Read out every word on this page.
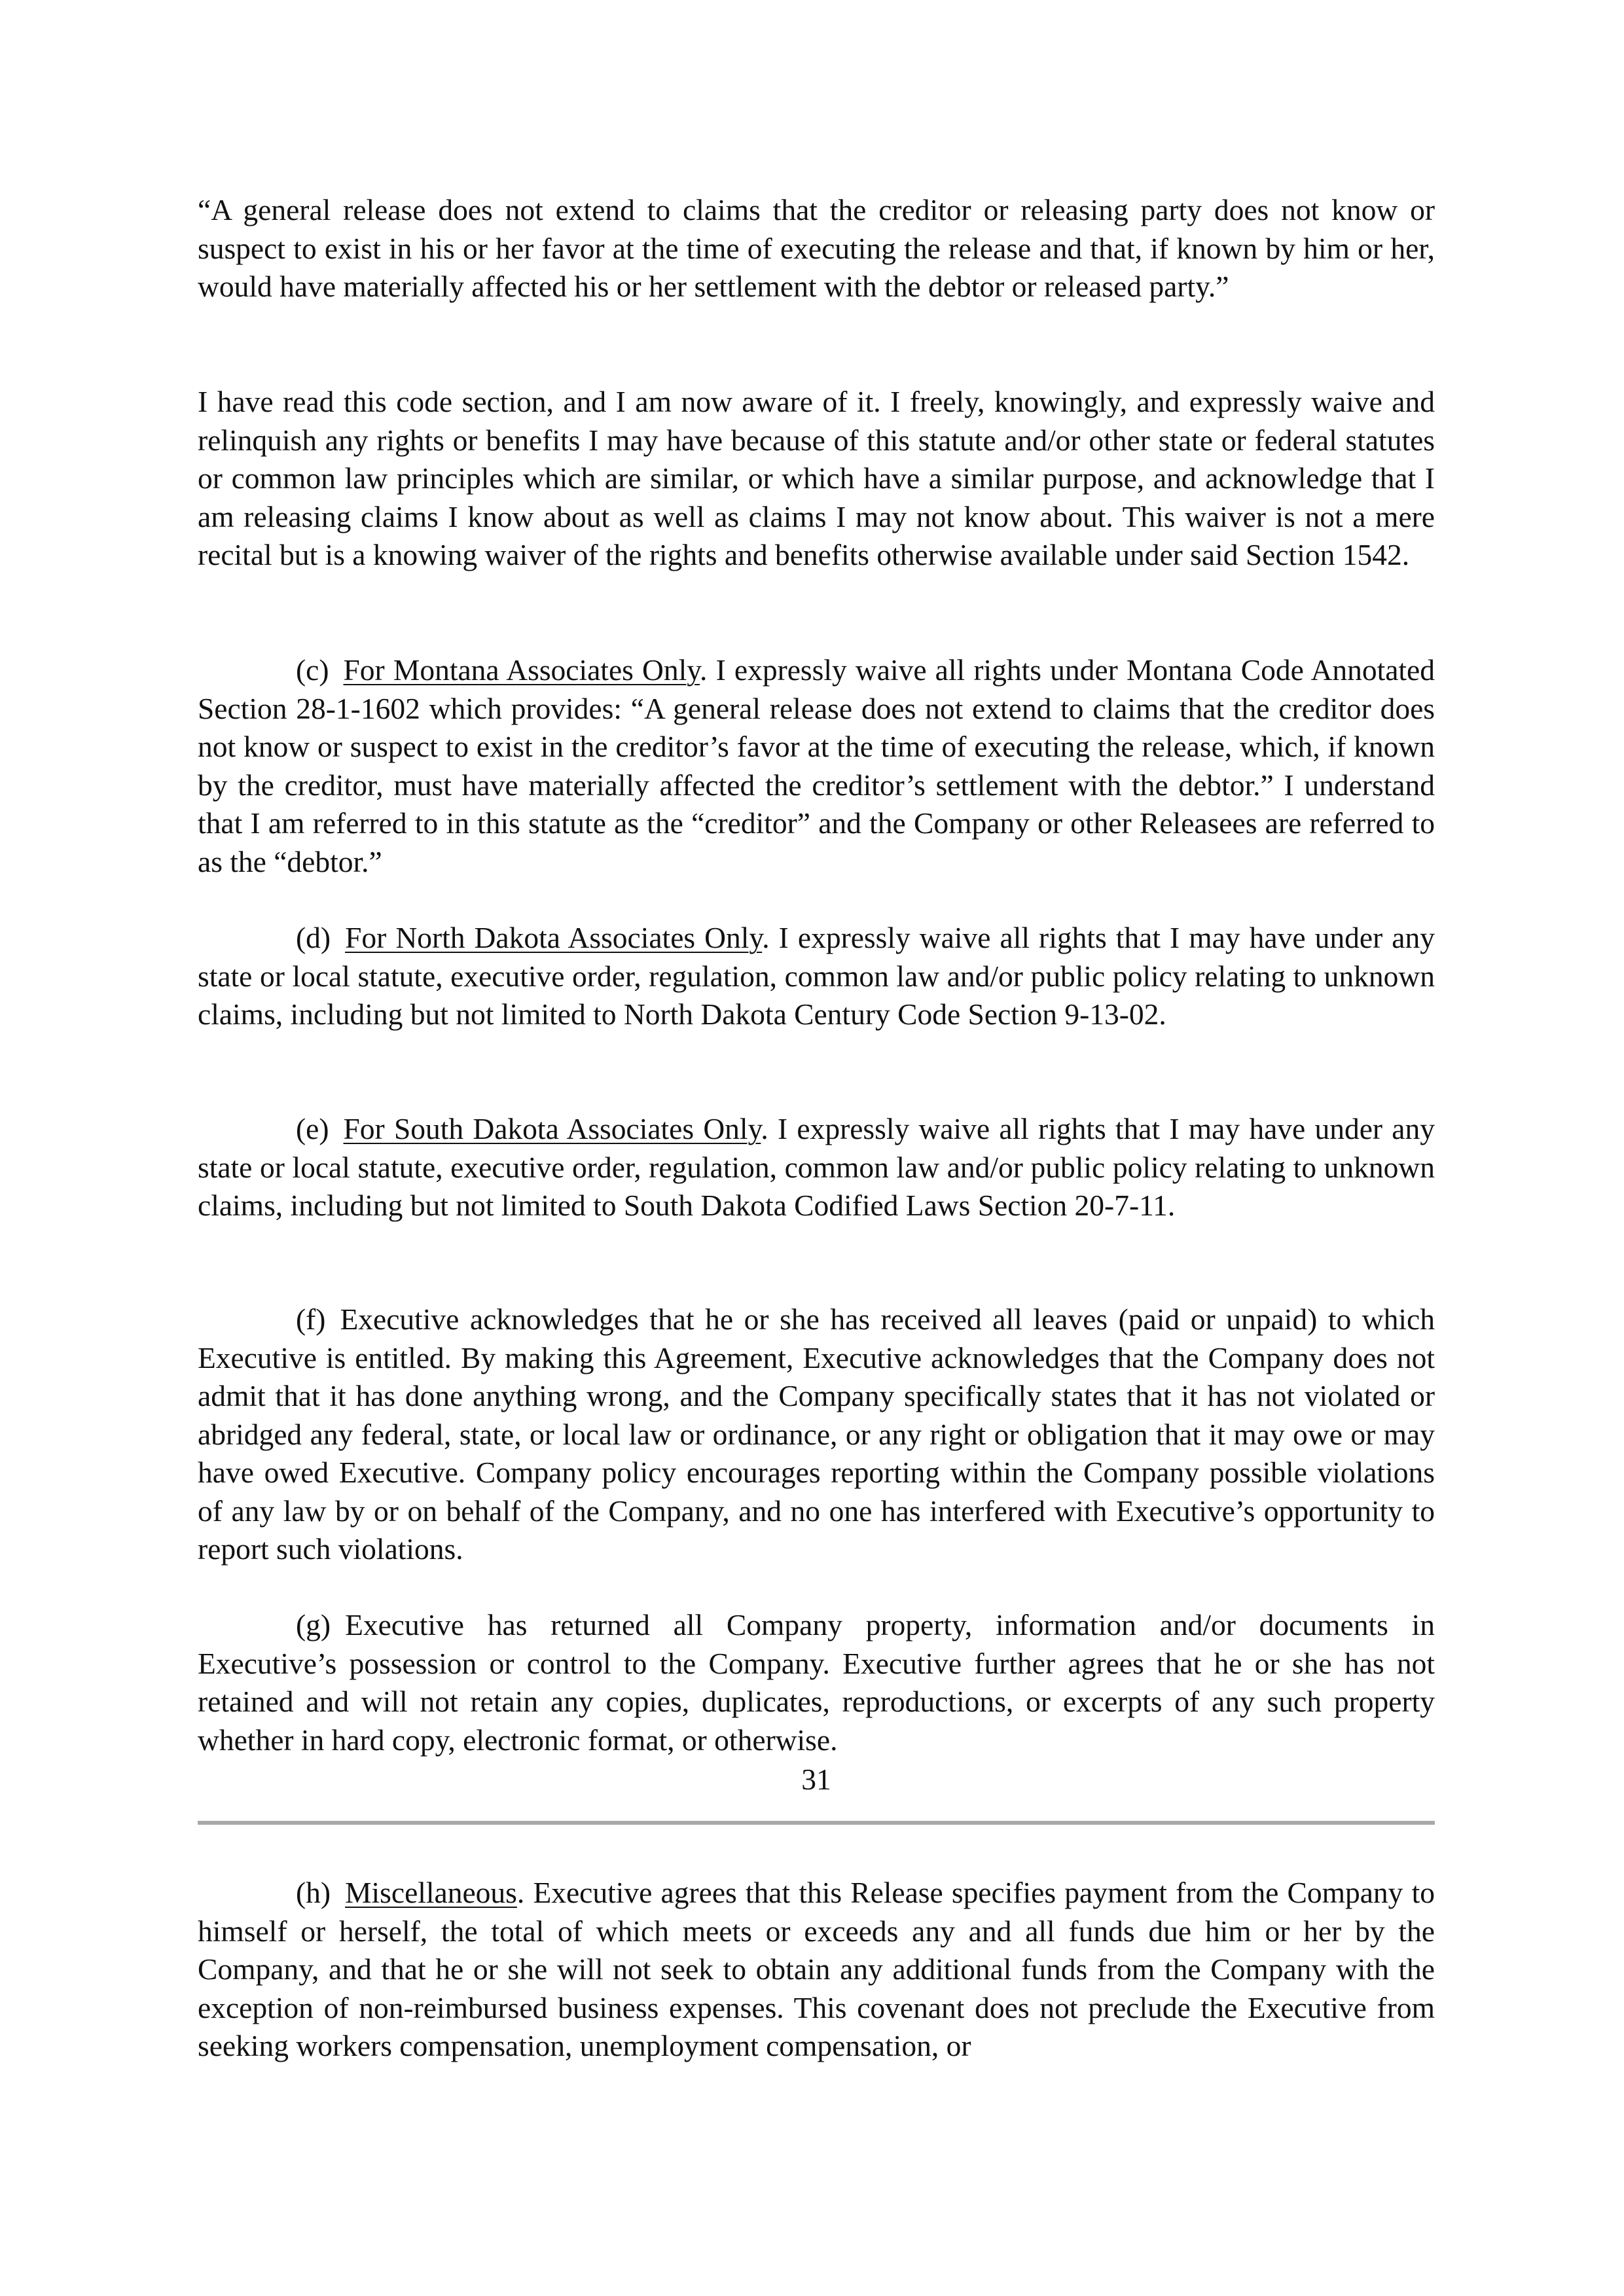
“A general release does not extend to claims that the creditor or releasing party does not know or suspect to exist in his or her favor at the time of executing the release and that, if known by him or her, would have materially affected his or her settlement with the debtor or released party.”

I have read this code section, and I am now aware of it. I freely, knowingly, and expressly waive and relinquish any rights or benefits I may have because of this statute and/or other state or federal statutes or common law principles which are similar, or which have a similar purpose, and acknowledge that I am releasing claims I know about as well as claims I may not know about. This waiver is not a mere recital but is a knowing waiver of the rights and benefits otherwise available under said Section 1542.

(c) For Montana Associates Only. I expressly waive all rights under Montana Code Annotated Section 28-1-1602 which provides: “A general release does not extend to claims that the creditor does not know or suspect to exist in the creditor’s favor at the time of executing the release, which, if known by the creditor, must have materially affected the creditor’s settlement with the debtor.” I understand that I am referred to in this statute as the “creditor” and the Company or other Releasees are referred to as the “debtor.”

(d) For North Dakota Associates Only. I expressly waive all rights that I may have under any state or local statute, executive order, regulation, common law and/or public policy relating to unknown claims, including but not limited to North Dakota Century Code Section 9-13-02.

(e) For South Dakota Associates Only. I expressly waive all rights that I may have under any state or local statute, executive order, regulation, common law and/or public policy relating to unknown claims, including but not limited to South Dakota Codified Laws Section 20-7-11.

(f) Executive acknowledges that he or she has received all leaves (paid or unpaid) to which Executive is entitled. By making this Agreement, Executive acknowledges that the Company does not admit that it has done anything wrong, and the Company specifically states that it has not violated or abridged any federal, state, or local law or ordinance, or any right or obligation that it may owe or may have owed Executive. Company policy encourages reporting within the Company possible violations of any law by or on behalf of the Company, and no one has interfered with Executive’s opportunity to report such violations.

(g) Executive has returned all Company property, information and/or documents in Executive’s possession or control to the Company. Executive further agrees that he or she has not retained and will not retain any copies, duplicates, reproductions, or excerpts of any such property whether in hard copy, electronic format, or otherwise.

31

(h) Miscellaneous. Executive agrees that this Release specifies payment from the Company to himself or herself, the total of which meets or exceeds any and all funds due him or her by the Company, and that he or she will not seek to obtain any additional funds from the Company with the exception of non-reimbursed business expenses. This covenant does not preclude the Executive from seeking workers compensation, unemployment compensation, or
